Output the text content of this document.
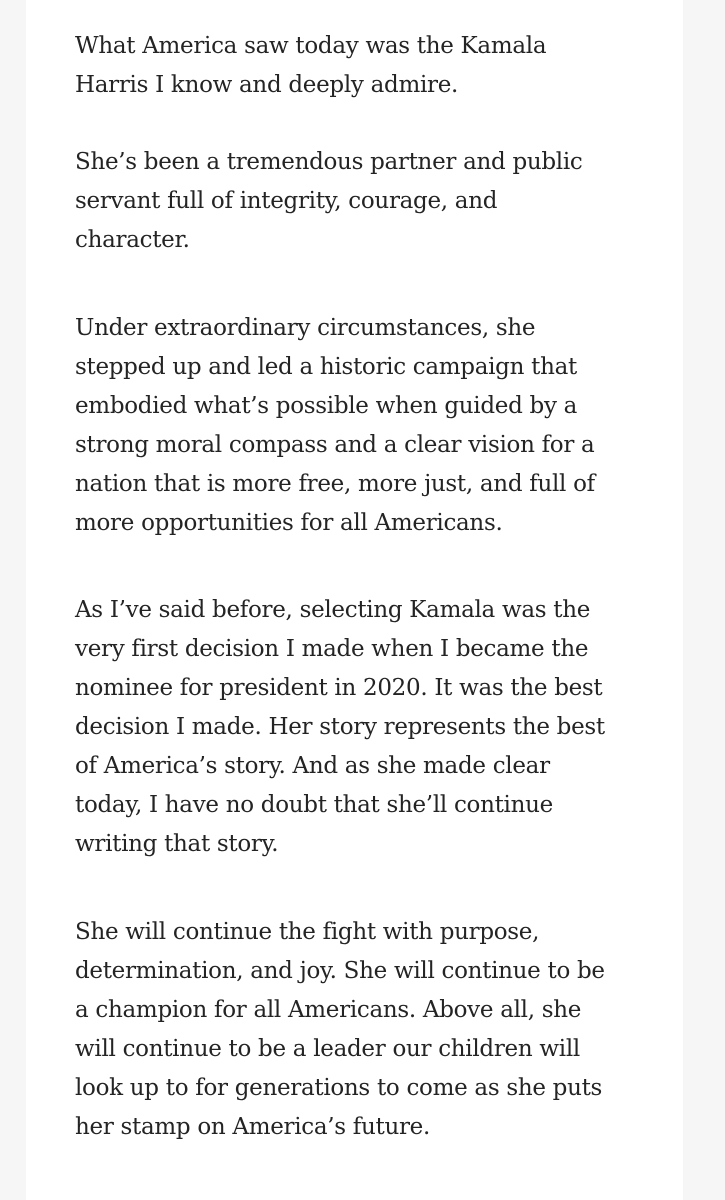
What America saw today was the Kamala
Harris I know and deeply admire.

She’s been a tremendous partner and public
servant full of integrity, courage, and
character.

Under extraordinary circumstances, she
stepped up and led a historic campaign that
embodied what’s possible when guided by a
strong moral compass and a clear vision for a
nation that is more free, more just, and full of
more opportunities for all Americans.

As I’ve said before, selecting Kamala was the
very first decision I made when I became the
nominee for president in 2020. It was the best
decision I made. Her story represents the best
of America’s story. And as she made clear
today, I have no doubt that she’ll continue
writing that story.

She will continue the fight with purpose,
determination, and joy. She will continue to be
a champion for all Americans. Above all, she
will continue to be a leader our children will
look up to for generations to come as she puts
her stamp on America’s future.
